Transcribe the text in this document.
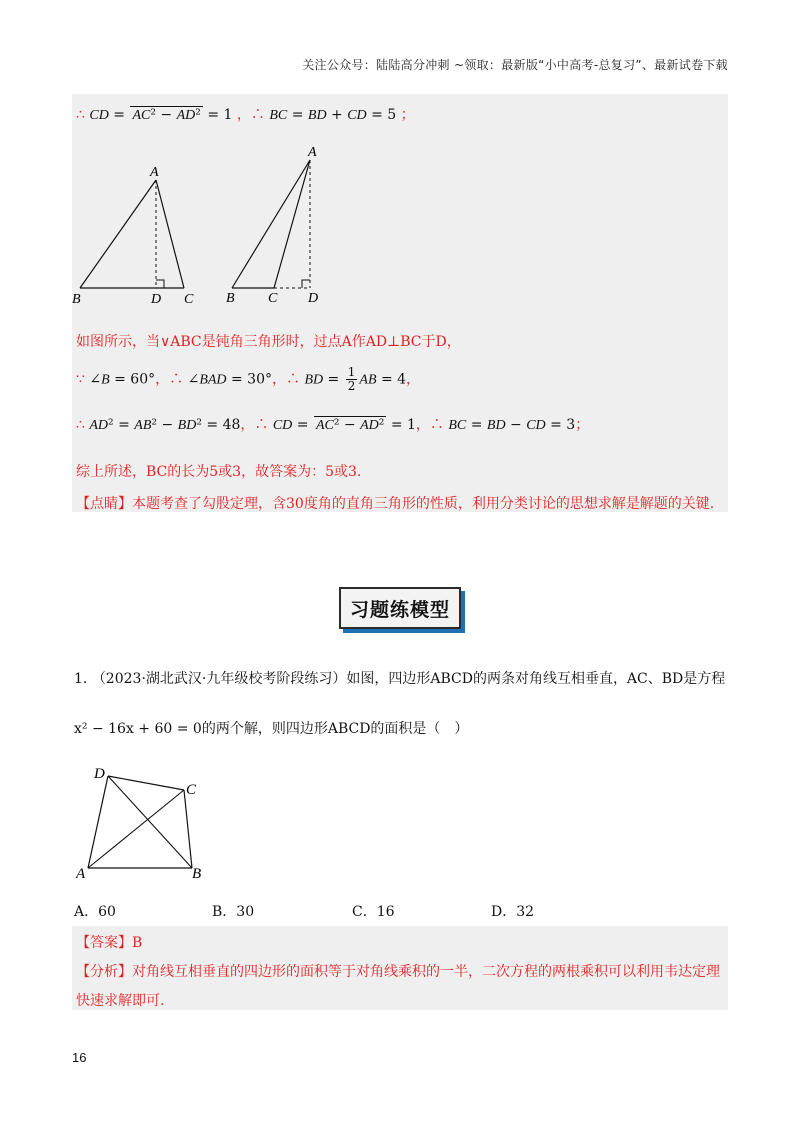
关注公众号：陆陆高分冲刺 ~领取：最新版“小中高考-总复习”、最新试卷下载
∴ CD = AC² − AD² = 1 ，∴ BC = BD + CD = 5 ；
A
B	D C
A
B C D
如图所示，当∨ABC是钝角三角形时，过点A作AD⊥BC于D，
∵ ∠B = 60°，∴ ∠BAD = 30°，∴ BD = $\frac{1}{2}$ AB = 4，
∴ AD² = AB² − BD² = 48，∴ CD = AC² − AD² = 1，∴ BC = BD − CD = 3；
综上所述，BC的长为5或3，故答案为：5或3.
【点睛】本题考查了勾股定理，含30度角的直角三角形的性质，利用分类讨论的思想求解是解题的关键.
习题练模型
1. （2023·湖北武汉·九年级校考阶段练习）如图，四边形ABCD的两条对角线互相垂直，AC、BD是方程
x² − 16x + 60 = 0的两个解，则四边形ABCD的面积是（　）
D
C
A	B
A．60	B．30	C．16	D．32
【答案】B
【分析】对角线互相垂直的四边形的面积等于对角线乘积的一半，二次方程的两根乘积可以利用韦达定理
快速求解即可.
16
